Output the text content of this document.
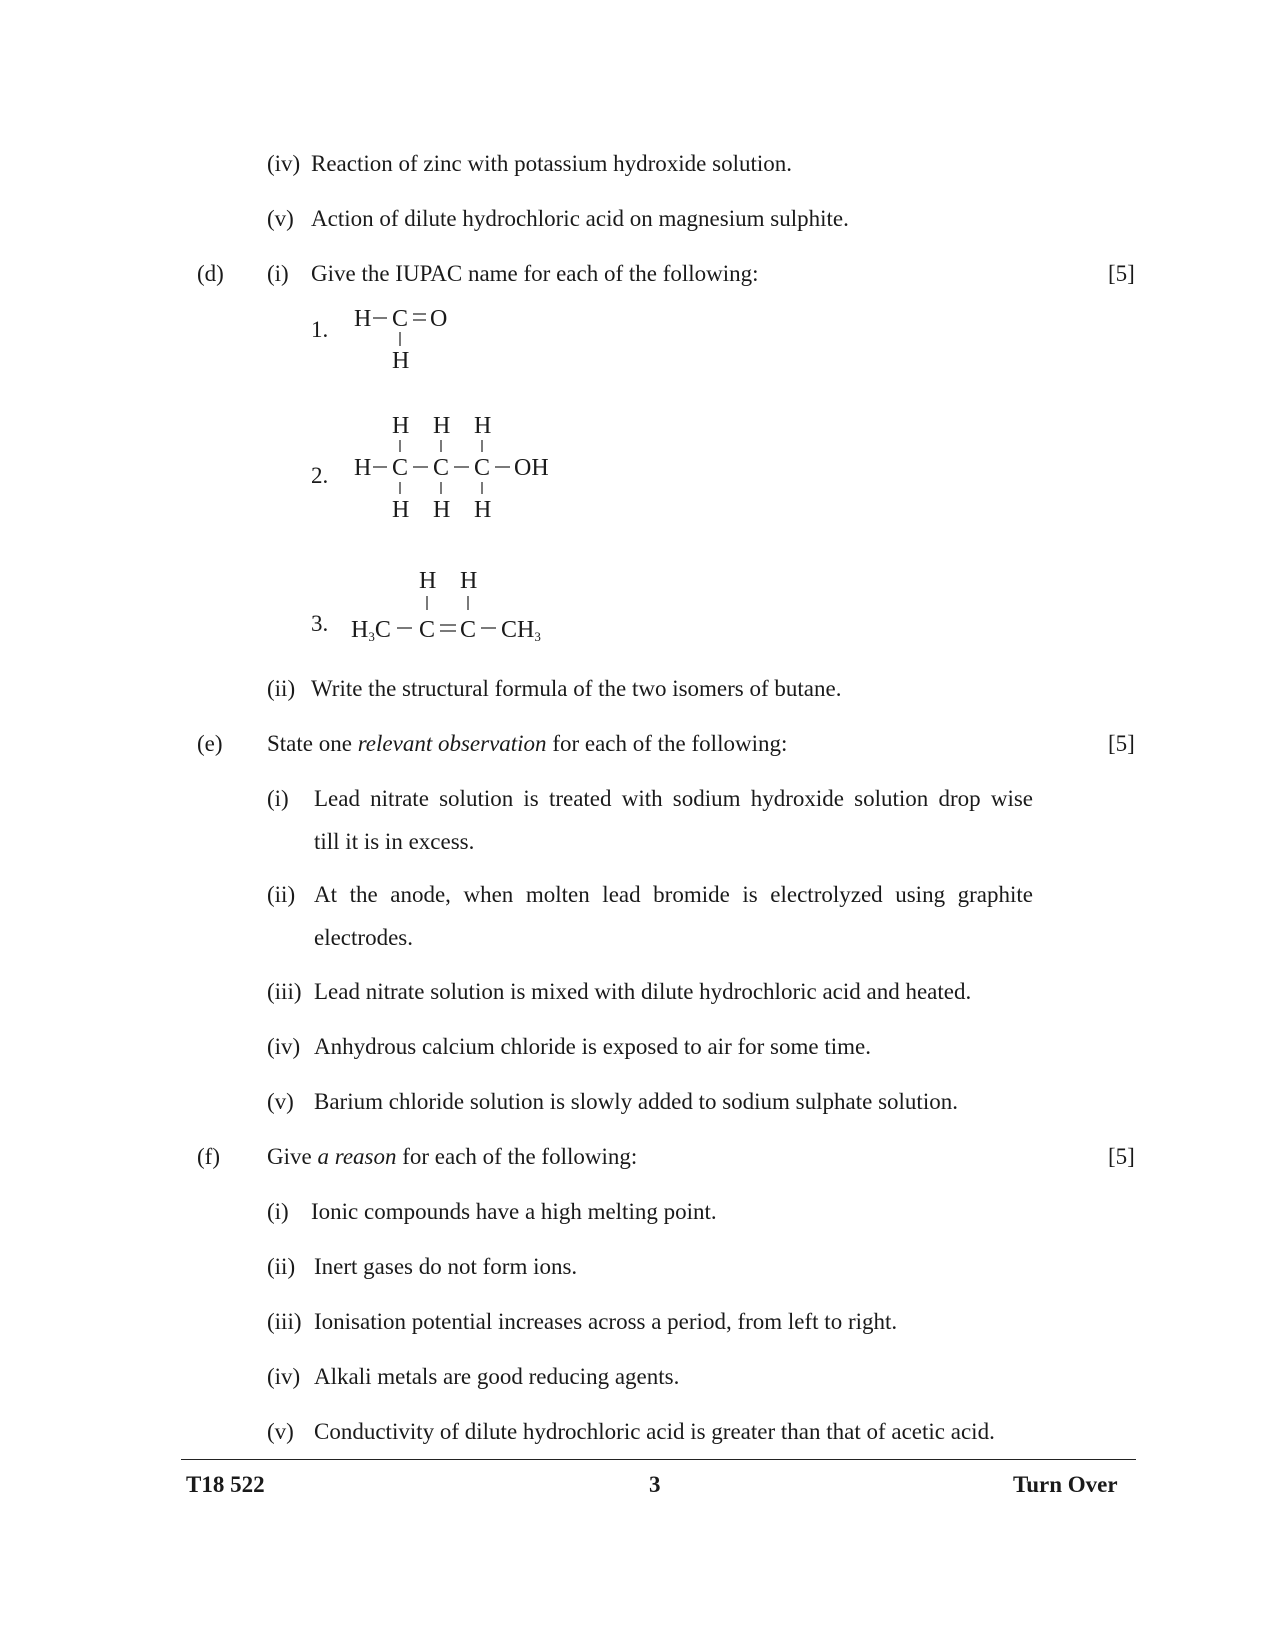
(iv) Reaction of zinc with potassium hydroxide solution.
(v) Action of dilute hydrochloric acid on magnesium sulphite.
(d) (i) Give the IUPAC name for each of the following:	[5]
1.
2.
3.
H C O
H
H H H
H C C C OH
H H H
H H
H3C C C CH3
(ii) Write the structural formula of the two isomers of butane.
(e) State one relevant observation for each of the following:	[5]
(i) Lead nitrate solution is treated with sodium hydroxide solution drop wise
till it is in excess.
(ii) At the anode, when molten lead bromide is electrolyzed using graphite
electrodes.
(iii) Lead nitrate solution is mixed with dilute hydrochloric acid and heated.
(iv) Anhydrous calcium chloride is exposed to air for some time.
(v) Barium chloride solution is slowly added to sodium sulphate solution.
(f) Give a reason for each of the following:	[5]
(i) Ionic compounds have a high melting point.
(ii) Inert gases do not form ions.
(iii) Ionisation potential increases across a period, from left to right.
(iv) Alkali metals are good reducing agents.
(v) Conductivity of dilute hydrochloric acid is greater than that of acetic acid.
T18 522	3	Turn Over
